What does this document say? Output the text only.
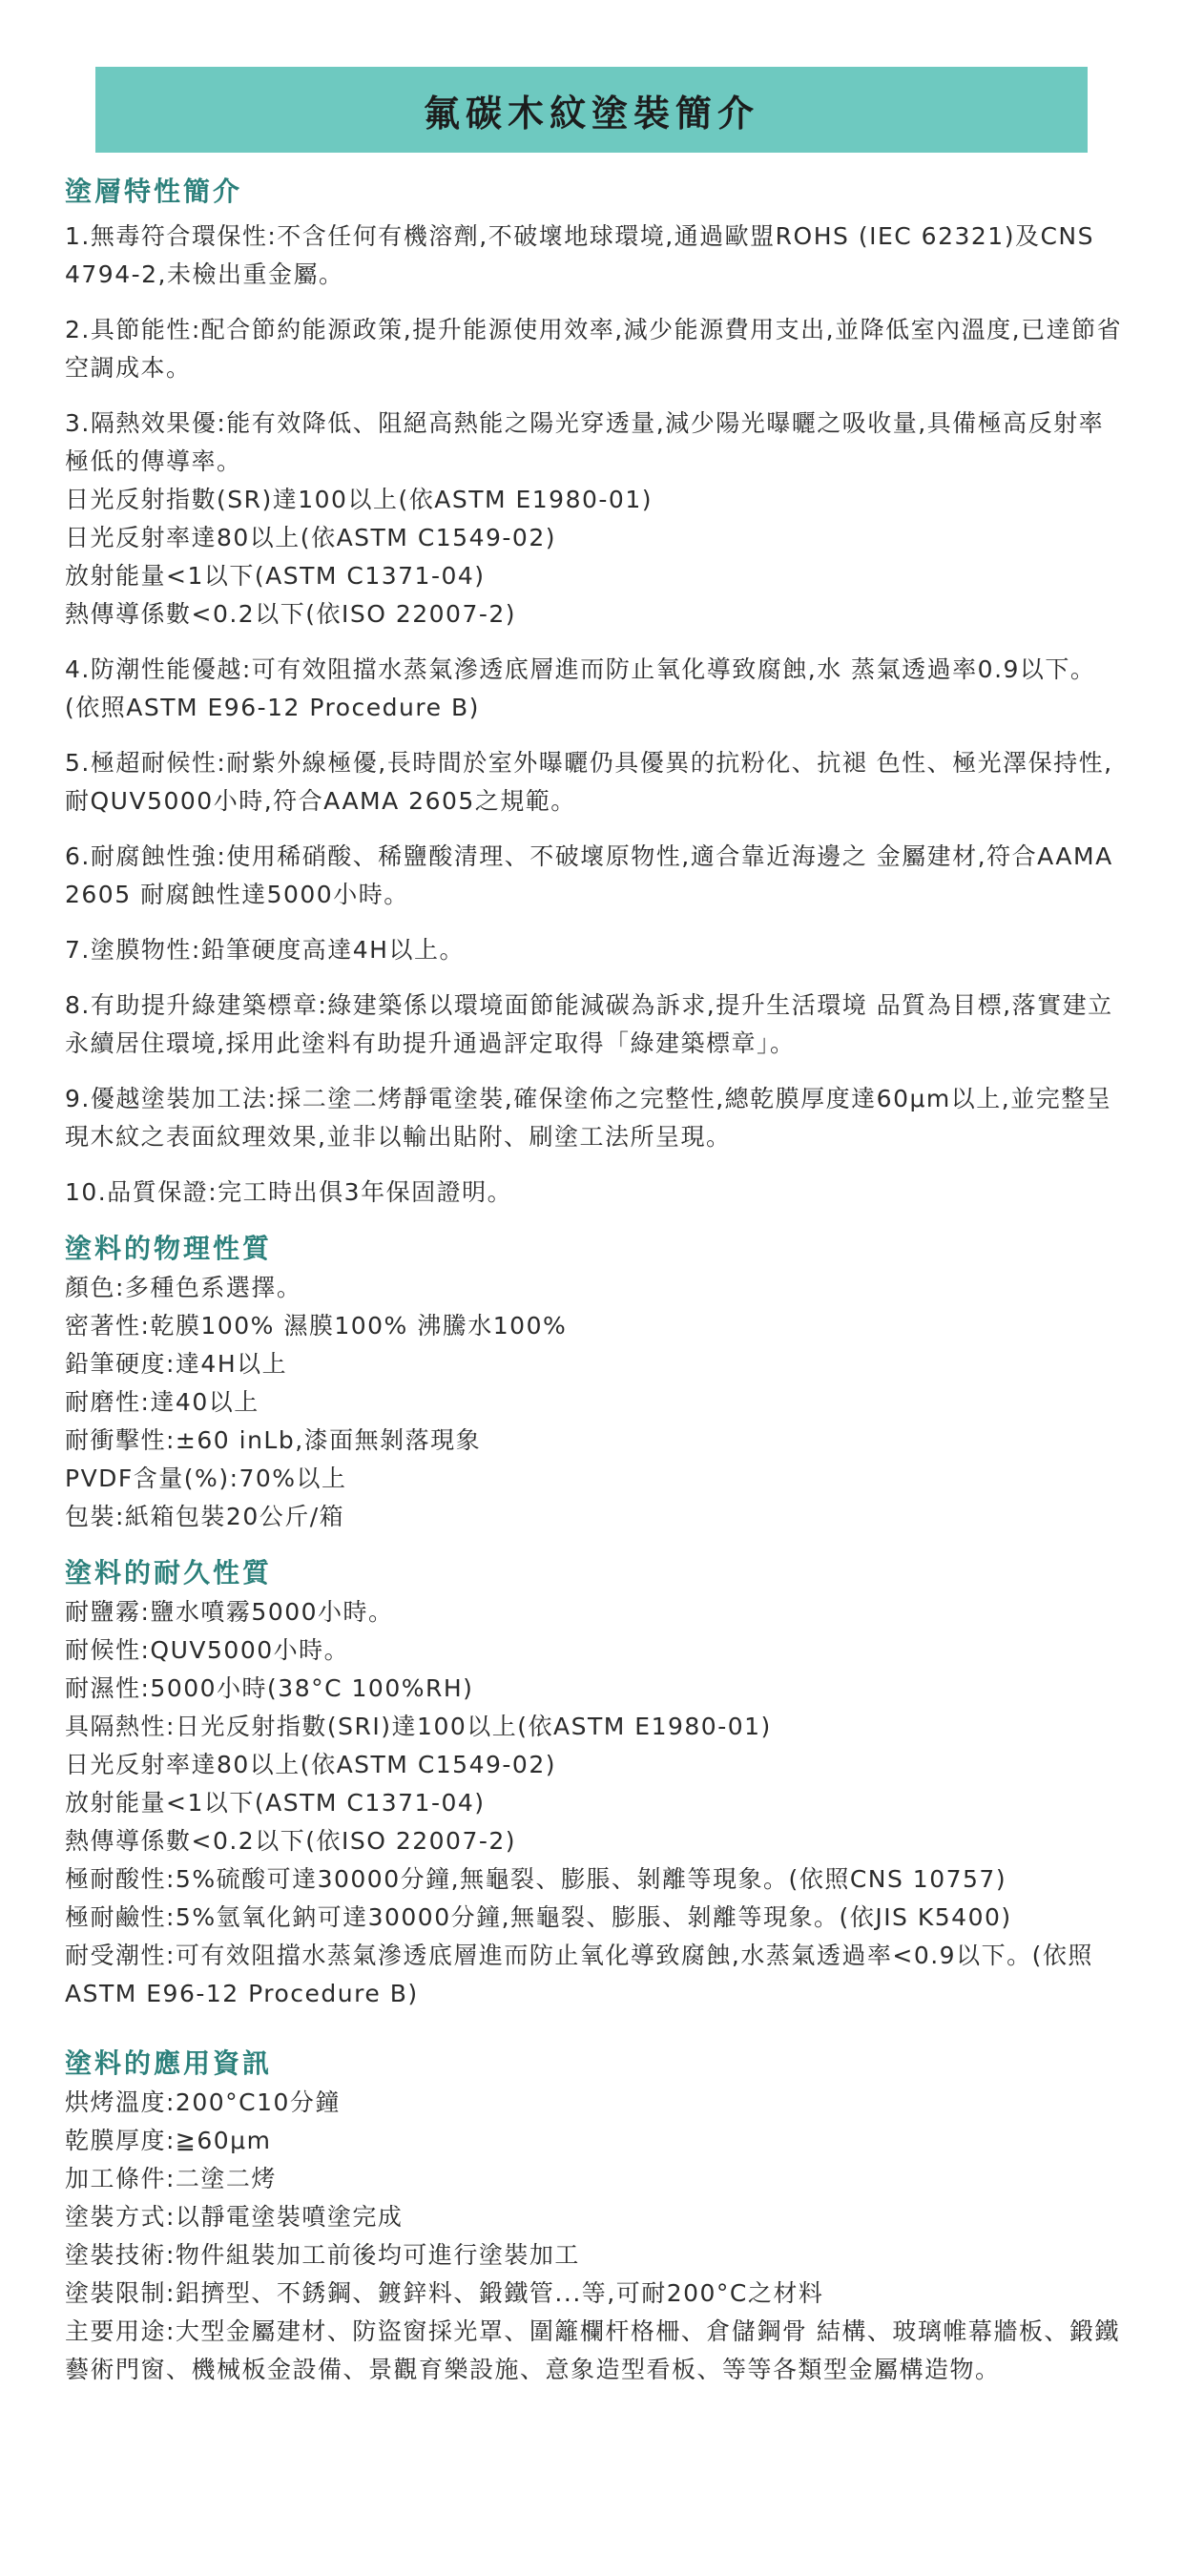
氟碳木紋塗裝簡介
塗層特性簡介

1.無毒符合環保性:不含任何有機溶劑,不破壞地球環境,通過歐盟ROHS (IEC 62321)及CNS 4794-2,未檢出重金屬。

2.具節能性:配合節約能源政策,提升能源使用效率,減少能源費用支出,並降低室內溫度,已達節省空調成本。

3.隔熱效果優:能有效降低、阻絕高熱能之陽光穿透量,減少陽光曝曬之吸收量,具備極高反射率極低的傳導率。

日光反射指數(SR)達100以上(依ASTM E1980-01)

日光反射率達80以上(依ASTM C1549-02)

放射能量<1以下(ASTM C1371-04)

熱傳導係數<0.2以下(依ISO 22007-2)

4.防潮性能優越:可有效阻擋水蒸氣滲透底層進而防止氧化導致腐蝕,水 蒸氣透過率0.9以下。(依照ASTM E96-12 Procedure B)

5.極超耐候性:耐紫外線極優,長時間於室外曝曬仍具優異的抗粉化、抗褪 色性、極光澤保持性,耐QUV5000小時,符合AAMA 2605之規範。

6.耐腐蝕性強:使用稀硝酸、稀鹽酸清理、不破壞原物性,適合靠近海邊之 金屬建材,符合AAMA 2605 耐腐蝕性達5000小時。

7.塗膜物性:鉛筆硬度高達4H以上。

8.有助提升綠建築標章:綠建築係以環境面節能減碳為訴求,提升生活環境 品質為目標,落實建立永續居住環境,採用此塗料有助提升通過評定取得「綠建築標章」。

9.優越塗裝加工法:採二塗二烤靜電塗裝,確保塗佈之完整性,總乾膜厚度達60μm以上,並完整呈現木紋之表面紋理效果,並非以輸出貼附、刷塗工法所呈現。

10.品質保證:完工時出俱3年保固證明。

塗料的物理性質

顏色:多種色系選擇。

密著性:乾膜100% 濕膜100% 沸騰水100%

鉛筆硬度:達4H以上

耐磨性:達40以上

耐衝擊性:±60 inLb,漆面無剝落現象

PVDF含量(%):70%以上

包裝:紙箱包裝20公斤/箱

塗料的耐久性質

耐鹽霧:鹽水噴霧5000小時。

耐候性:QUV5000小時。

耐濕性:5000小時(38°C 100%RH)

具隔熱性:日光反射指數(SRI)達100以上(依ASTM E1980-01)

日光反射率達80以上(依ASTM C1549-02)

放射能量<1以下(ASTM C1371-04)

熱傳導係數<0.2以下(依ISO 22007-2)

極耐酸性:5%硫酸可達30000分鐘,無龜裂、膨脹、剝離等現象。(依照CNS 10757)

極耐鹼性:5%氫氧化鈉可達30000分鐘,無龜裂、膨脹、剝離等現象。(依JIS K5400)

耐受潮性:可有效阻擋水蒸氣滲透底層進而防止氧化導致腐蝕,水蒸氣透過率<0.9以下。(依照ASTM E96-12 Procedure B)

塗料的應用資訊

烘烤溫度:200°C10分鐘

乾膜厚度:≧60μm

加工條件:二塗二烤

塗裝方式:以靜電塗裝噴塗完成

塗裝技術:物件組裝加工前後均可進行塗裝加工

塗裝限制:鋁擠型、不銹鋼、鍍鋅料、鍛鐵管...等,可耐200°C之材料

主要用途:大型金屬建材、防盜窗採光罩、圍籬欄杆格柵、倉儲鋼骨 結構、玻璃帷幕牆板、鍛鐵藝術門窗、機械板金設備、景觀育樂設施、意象造型看板、等等各類型金屬構造物。
